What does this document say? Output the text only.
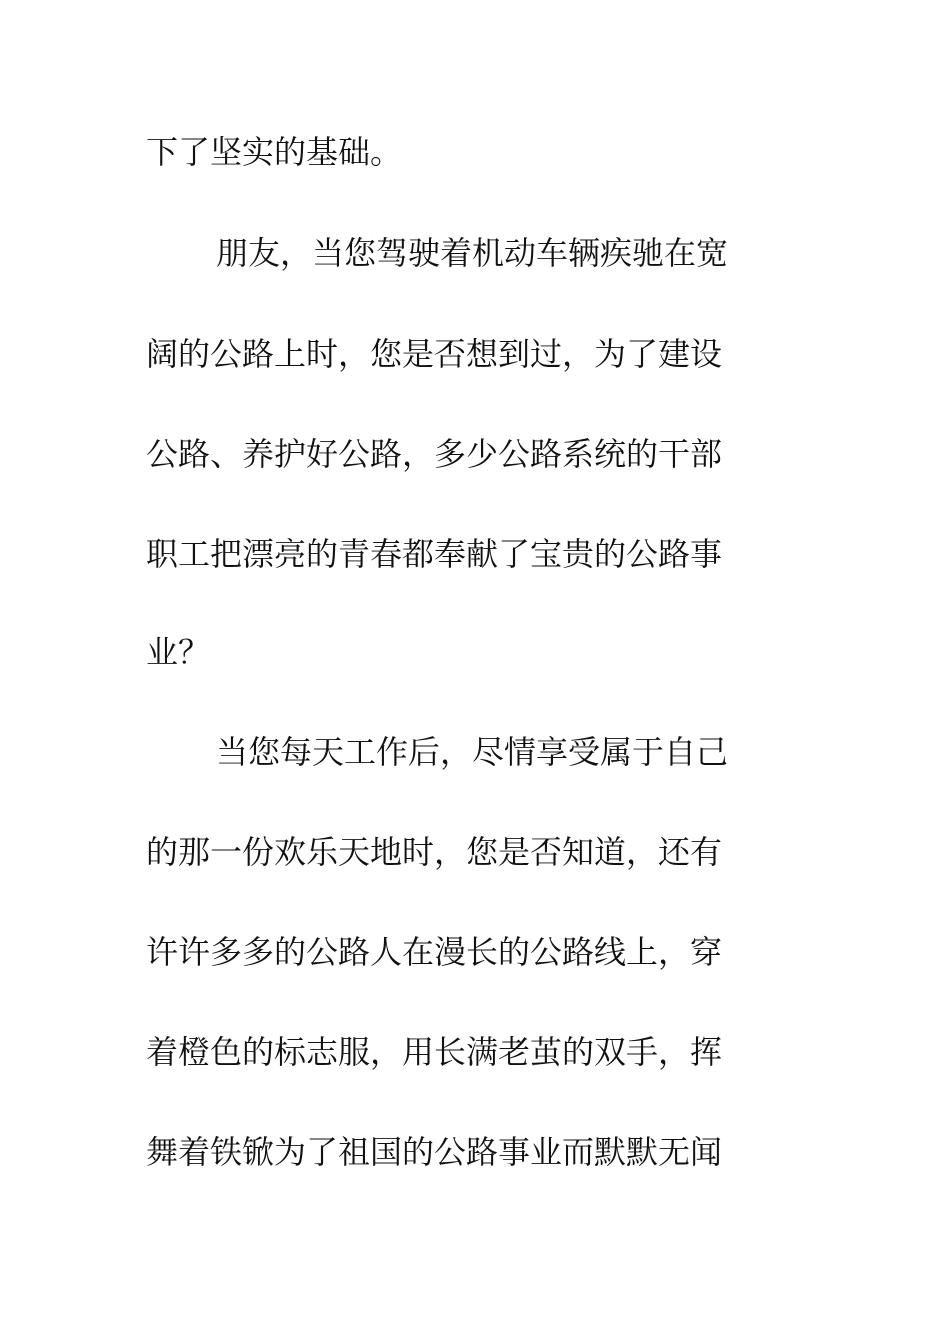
下了坚实的基础。
朋友，当您驾驶着机动车辆疾驰在宽
阔的公路上时，您是否想到过，为了建设
公路、养护好公路，多少公路系统的干部
职工把漂亮的青春都奉献了宝贵的公路事
业？
当您每天工作后，尽情享受属于自己
的那一份欢乐天地时，您是否知道，还有
许许多多的公路人在漫长的公路线上，穿
着橙色的标志服，用长满老茧的双手，挥
舞着铁锨为了祖国的公路事业而默默无闻
